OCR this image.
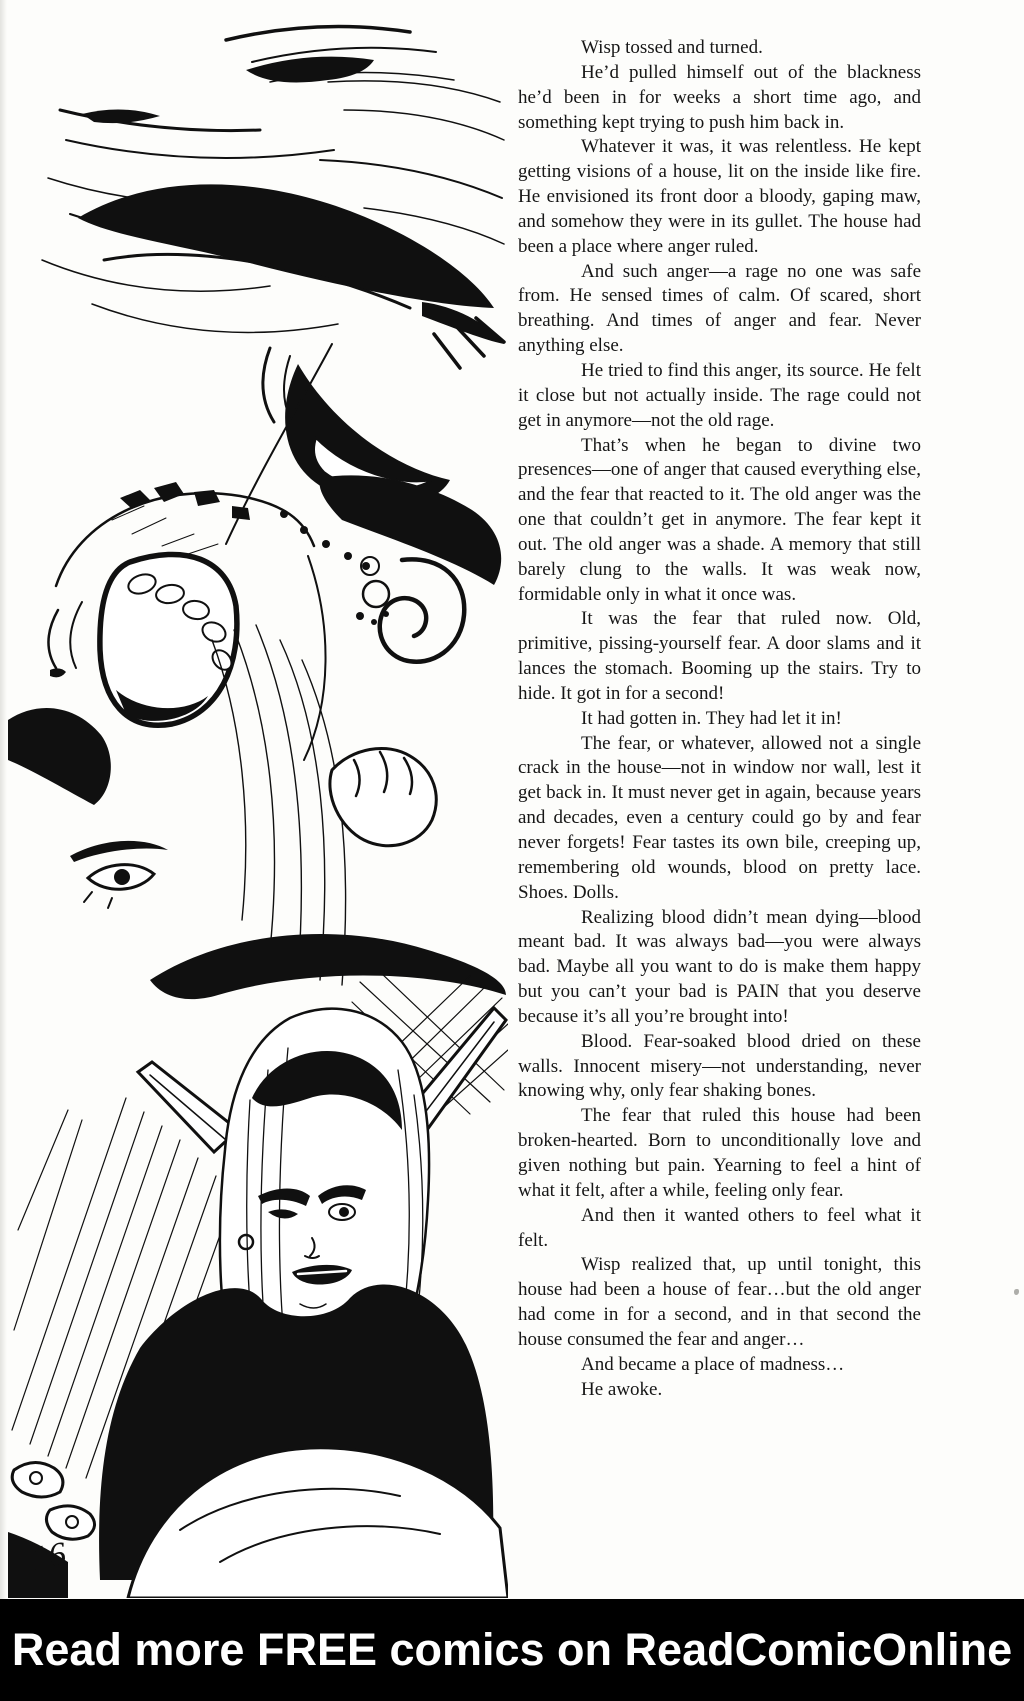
16

Wisp tossed and turned.

He’d pulled himself out of the blackness he’d been in for weeks a short time ago, and something kept trying to push him back in.

Whatever it was, it was relentless. He kept getting visions of a house, lit on the inside like fire. He envisioned its front door a bloody, gaping maw, and somehow they were in its gullet. The house had been a place where anger ruled.

And such anger—a rage no one was safe from. He sensed times of calm. Of scared, short breathing. And times of anger and fear. Never anything else.

He tried to find this anger, its source. He felt it close but not actually inside. The rage could not get in anymore—not the old rage.

That’s when he began to divine two presences—one of anger that caused everything else, and the fear that reacted to it. The old anger was the one that couldn’t get in anymore. The fear kept it out. The old anger was a shade. A memory that still barely clung to the walls. It was weak now, formidable only in what it once was.

It was the fear that ruled now. Old, primitive, pissing-yourself fear. A door slams and it lances the stomach. Booming up the stairs. Try to hide. It got in for a second!

It had gotten in. They had let it in!

The fear, or whatever, allowed not a single crack in the house—not in window nor wall, lest it get back in. It must never get in again, because years and decades, even a century could go by and fear never forgets! Fear tastes its own bile, creeping up, remembering old wounds, blood on pretty lace. Shoes. Dolls.

Realizing blood didn’t mean dying—blood meant bad. It was always bad—you were always bad. Maybe all you want to do is make them happy but you can’t your bad is PAIN that you deserve because it’s all you’re brought into!

Blood. Fear-soaked blood dried on these walls. Innocent misery—not understanding, never knowing why, only fear shaking bones.

The fear that ruled this house had been broken-hearted. Born to unconditionally love and given nothing but pain. Yearning to feel a hint of what it felt, after a while, feeling only fear.

And then it wanted others to feel what it felt.

Wisp realized that, up until tonight, this house had been a house of fear…but the old anger had come in for a second, and in that second the house consumed the fear and anger…

And became a place of madness…

He awoke.

Read more FREE comics on ReadComicOnline
